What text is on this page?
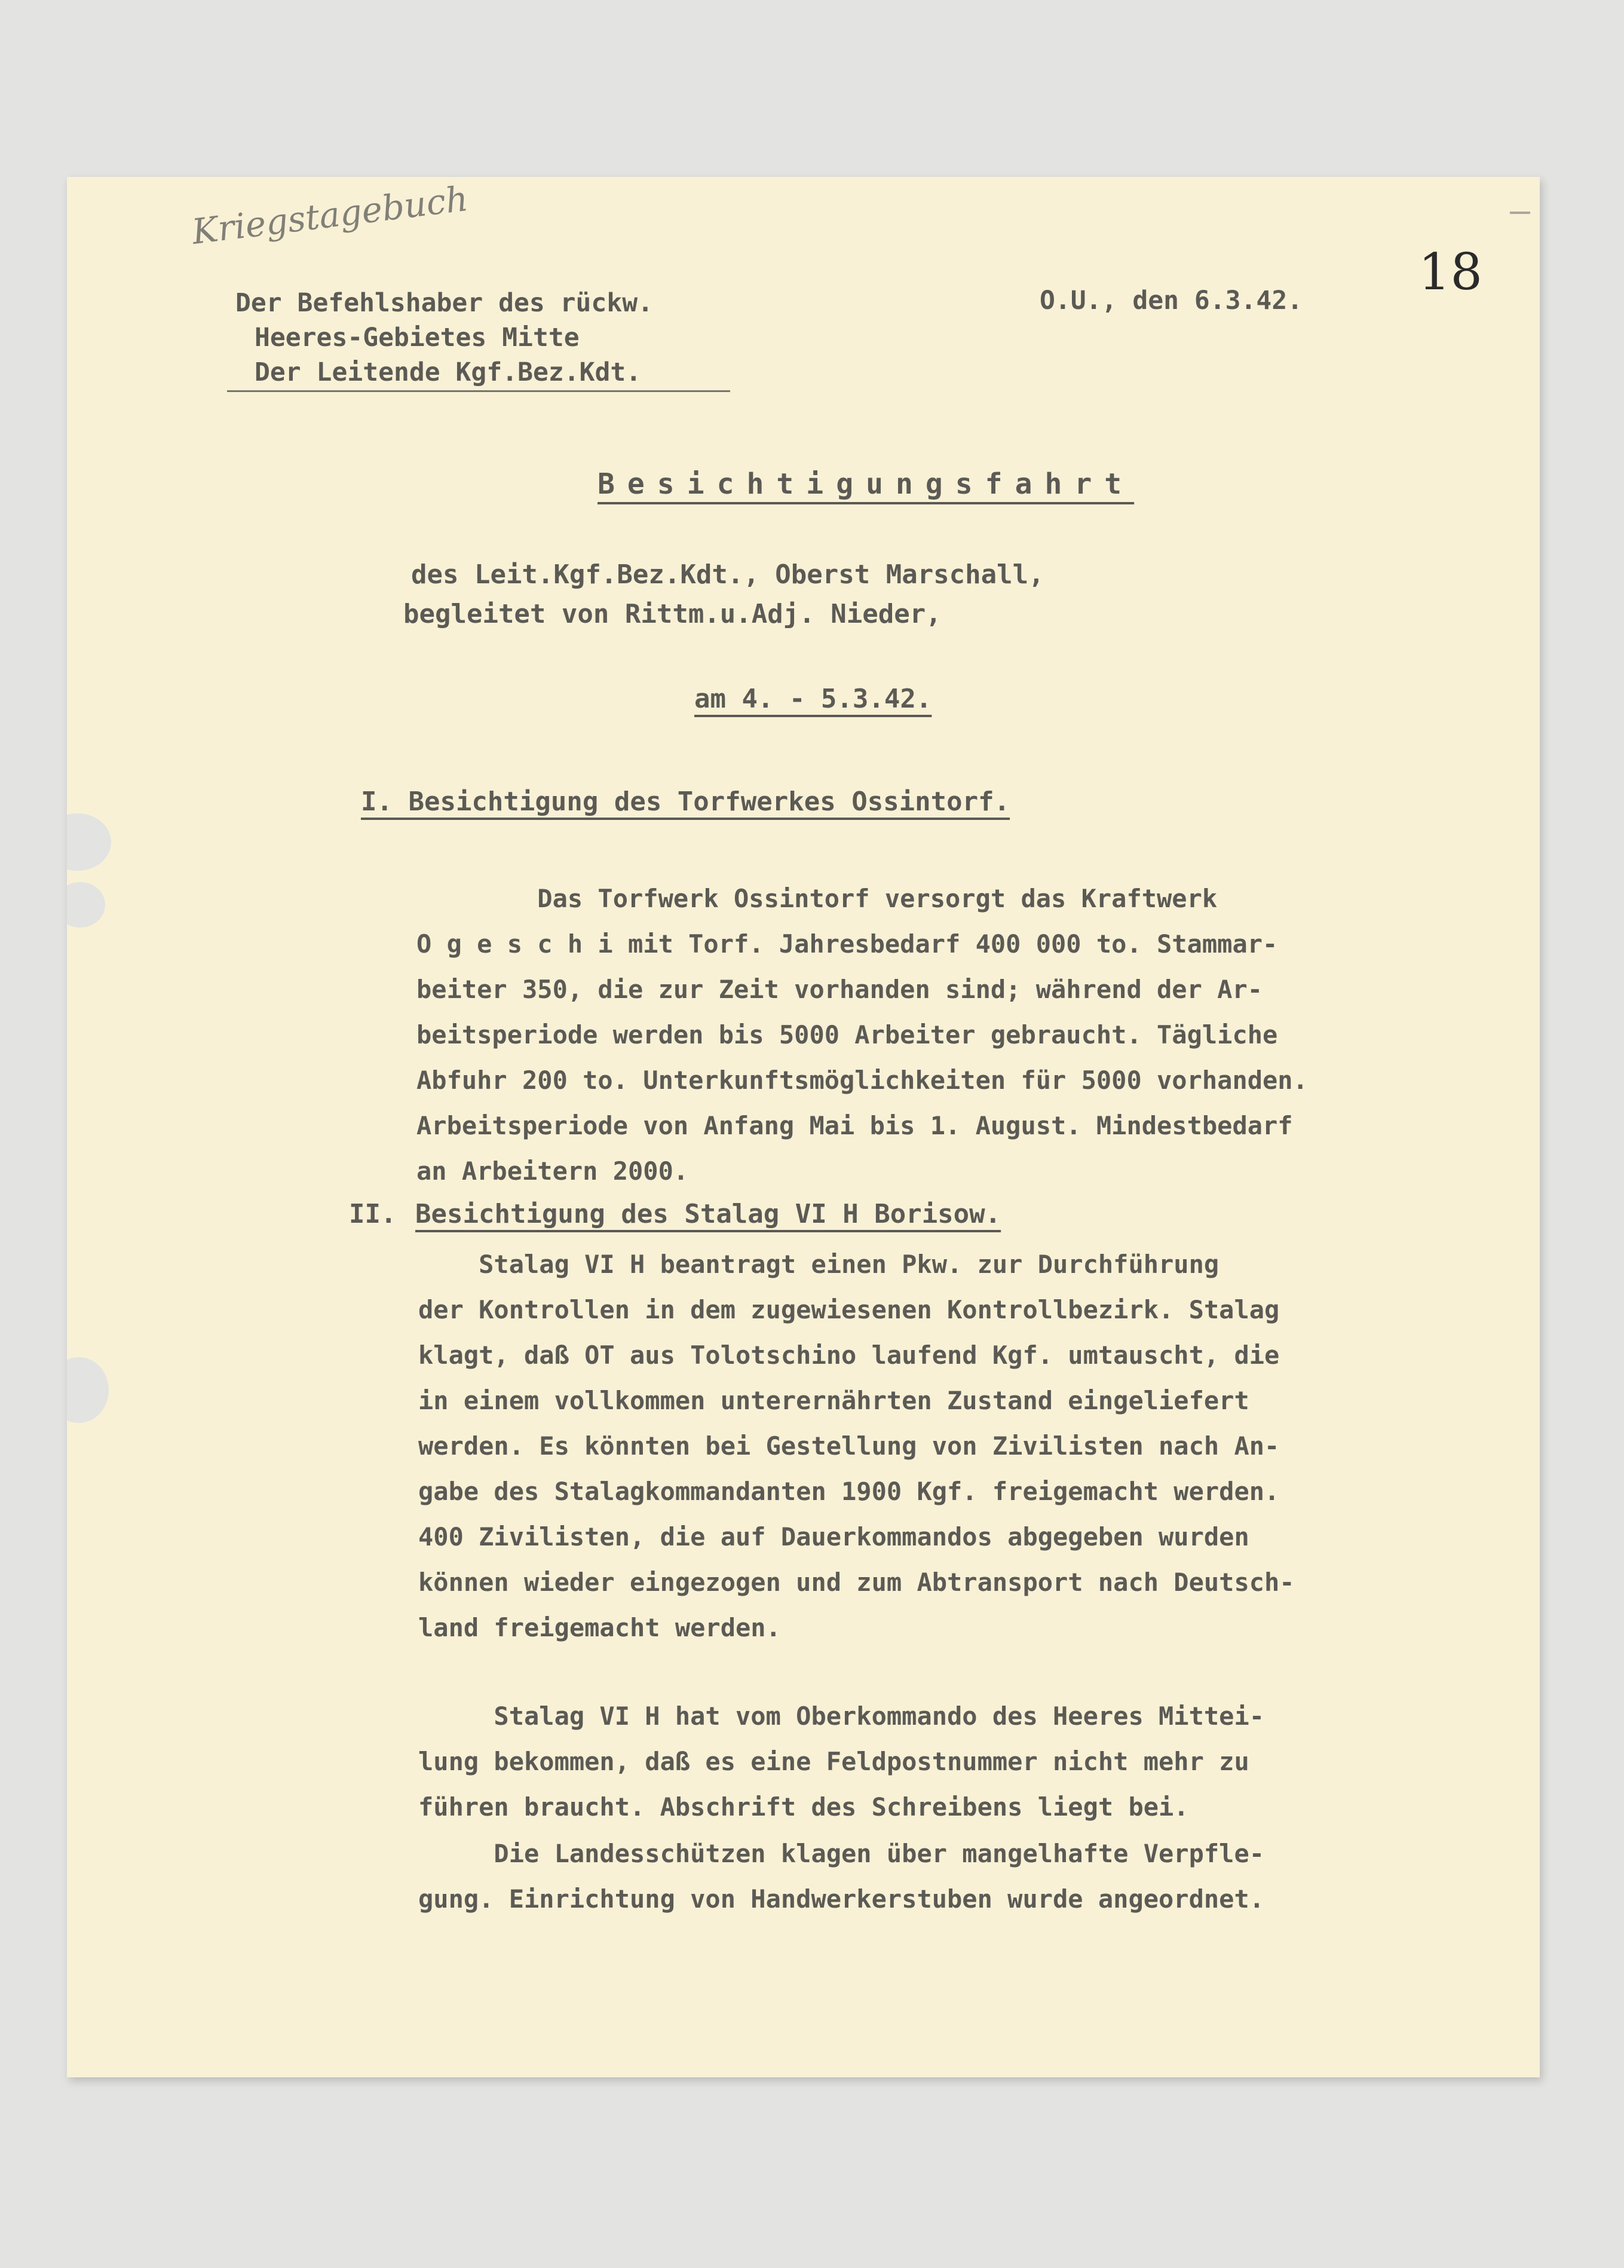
Kriegstagebuch
18
Der Befehlshaber des rückw.
Heeres-Gebietes Mitte
Der Leitende Kgf.Bez.Kdt.
O.U., den 6.3.42.
Besichtigungsfahrt
des Leit.Kgf.Bez.Kdt., Oberst Marschall,
begleitet von Rittm.u.Adj. Nieder,
am 4. - 5.3.42.
I. Besichtigung des Torfwerkes Ossintorf.
Das Torfwerk Ossintorf versorgt das Kraftwerk
O g e s c h i mit Torf. Jahresbedarf 400 000 to. Stammar-
beiter 350, die zur Zeit vorhanden sind; während der Ar-
beitsperiode werden bis 5000 Arbeiter gebraucht. Tägliche
Abfuhr 200 to. Unterkunftsmöglichkeiten für 5000 vorhanden.
Arbeitsperiode von Anfang Mai bis 1. August. Mindestbedarf
an Arbeitern 2000.
II. Besichtigung des Stalag VI H Borisow.
Stalag VI H beantragt einen Pkw. zur Durchführung
der Kontrollen in dem zugewiesenen Kontrollbezirk. Stalag
klagt, daß OT aus Tolotschino laufend Kgf. umtauscht, die
in einem vollkommen unterernährten Zustand eingeliefert
werden. Es könnten bei Gestellung von Zivilisten nach An-
gabe des Stalagkommandanten 1900 Kgf. freigemacht werden.
400 Zivilisten, die auf Dauerkommandos abgegeben wurden
können wieder eingezogen und zum Abtransport nach Deutsch-
land freigemacht werden.
Stalag VI H hat vom Oberkommando des Heeres Mittei-
lung bekommen, daß es eine Feldpostnummer nicht mehr zu
führen braucht. Abschrift des Schreibens liegt bei.
Die Landesschützen klagen über mangelhafte Verpfle-
gung. Einrichtung von Handwerkerstuben wurde angeordnet.
